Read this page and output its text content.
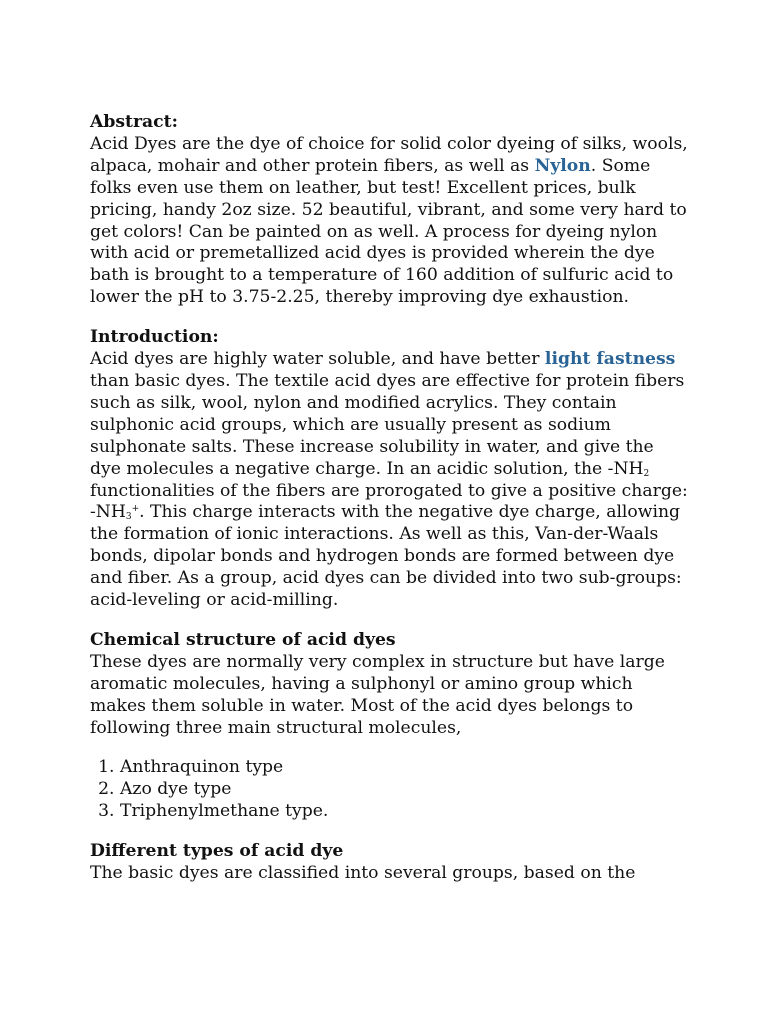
Abstract:

Acid Dyes are the dye of choice for solid color dyeing of silks, wools, alpaca, mohair and other protein fibers, as well as Nylon. Some folks even use them on leather, but test! Excellent prices, bulk pricing, handy 2oz size. 52 beautiful, vibrant, and some very hard to get colors! Can be painted on as well. A process for dyeing nylon with acid or premetallized acid dyes is provided wherein the dye bath is brought to a temperature of 160 addition of sulfuric acid to lower the pH to 3.75-2.25, thereby improving dye exhaustion.

Introduction:

Acid dyes are highly water soluble, and have better light fastness than basic dyes. The textile acid dyes are effective for protein fibers such as silk, wool, nylon and modified acrylics. They contain sulphonic acid groups, which are usually present as sodium sulphonate salts. These increase solubility in water, and give the dye molecules a negative charge. In an acidic solution, the $-NH_2$ functionalities of the fibers are prorogated to give a positive charge: $-NH_3^+$. This charge interacts with the negative dye charge, allowing the formation of ionic interactions. As well as this, Van-der-Waals bonds, dipolar bonds and hydrogen bonds are formed between dye and fiber. As a group, acid dyes can be divided into two sub-groups: acid-leveling or acid-milling.

Chemical structure of acid dyes

These dyes are normally very complex in structure but have large aromatic molecules, having a sulphonyl or amino group which makes them soluble in water. Most of the acid dyes belongs to following three main structural molecules,

1. Anthraquinon type
2. Azo dye type
3. Triphenylmethane type.
Different types of acid dye

The basic dyes are classified into several groups, based on the
